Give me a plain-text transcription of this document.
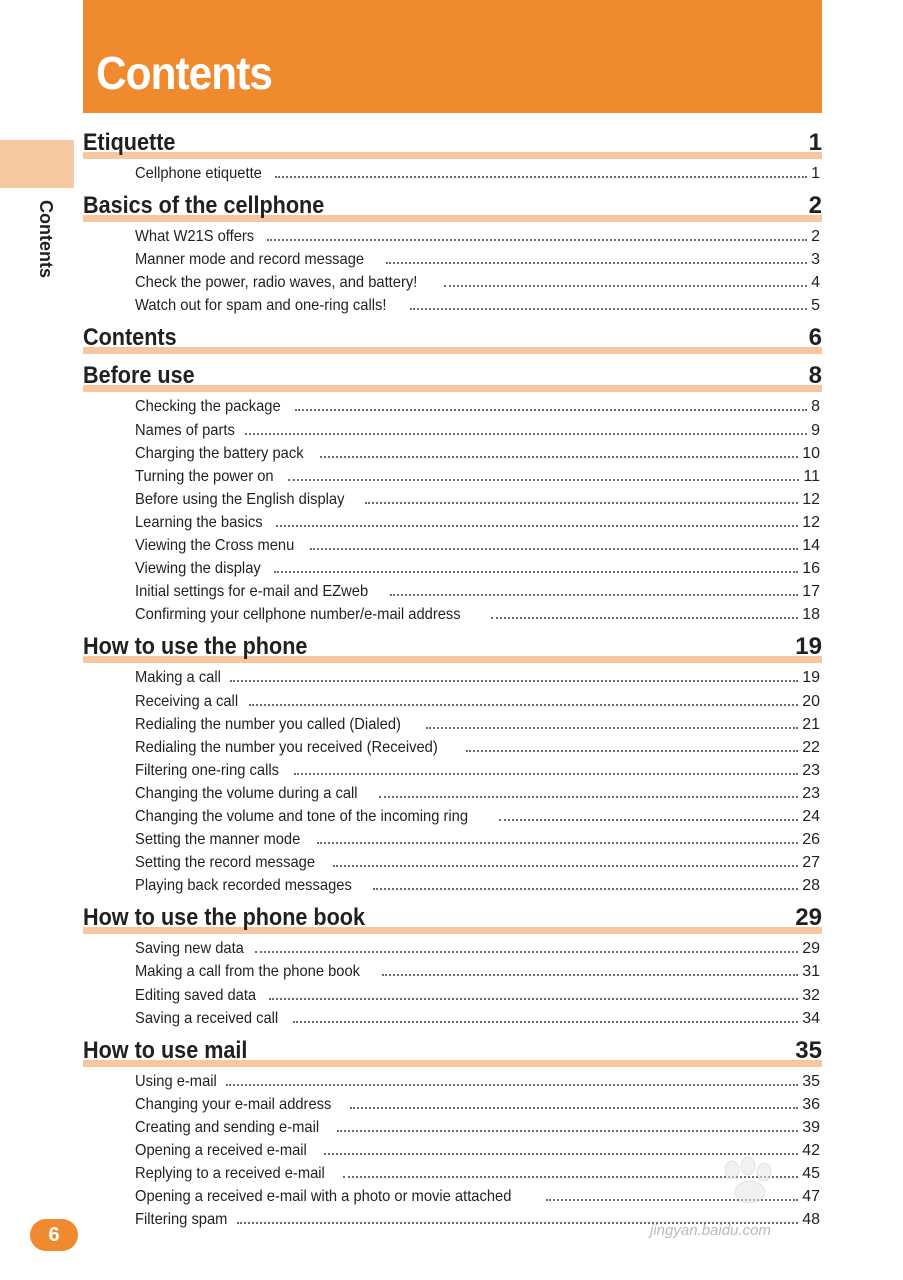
Contents
Contents
Etiquette	1
Cellphone etiquette	1
Basics of the cellphone	2
What W21S offers	2
Manner mode and record message	3
Check the power, radio waves, and battery!	4
Watch out for spam and one-ring calls!	5
Contents	6
Before use	8
Checking the package	8
Names of parts	9
Charging the battery pack	10
Turning the power on	11
Before using the English display	12
Learning the basics	12
Viewing the Cross menu	14
Viewing the display	16
Initial settings for e-mail and EZweb	17
Confirming your cellphone number/e-mail address	18
How to use the phone	19
Making a call	19
Receiving a call	20
Redialing the number you called (Dialed)	21
Redialing the number you received (Received)	22
Filtering one-ring calls	23
Changing the volume during a call	23
Changing the volume and tone of the incoming ring	24
Setting the manner mode	26
Setting the record message	27
Playing back recorded messages	28
How to use the phone book	29
Saving new data	29
Making a call from the phone book	31
Editing saved data	32
Saving a received call	34
How to use mail	35
Using e-mail	35
Changing your e-mail address	36
Creating and sending e-mail	39
Opening a received e-mail	42
Replying to a received e-mail	45
Opening a received e-mail with a photo or movie attached	47
Filtering spam	48
6	jingyan.baidu.com
